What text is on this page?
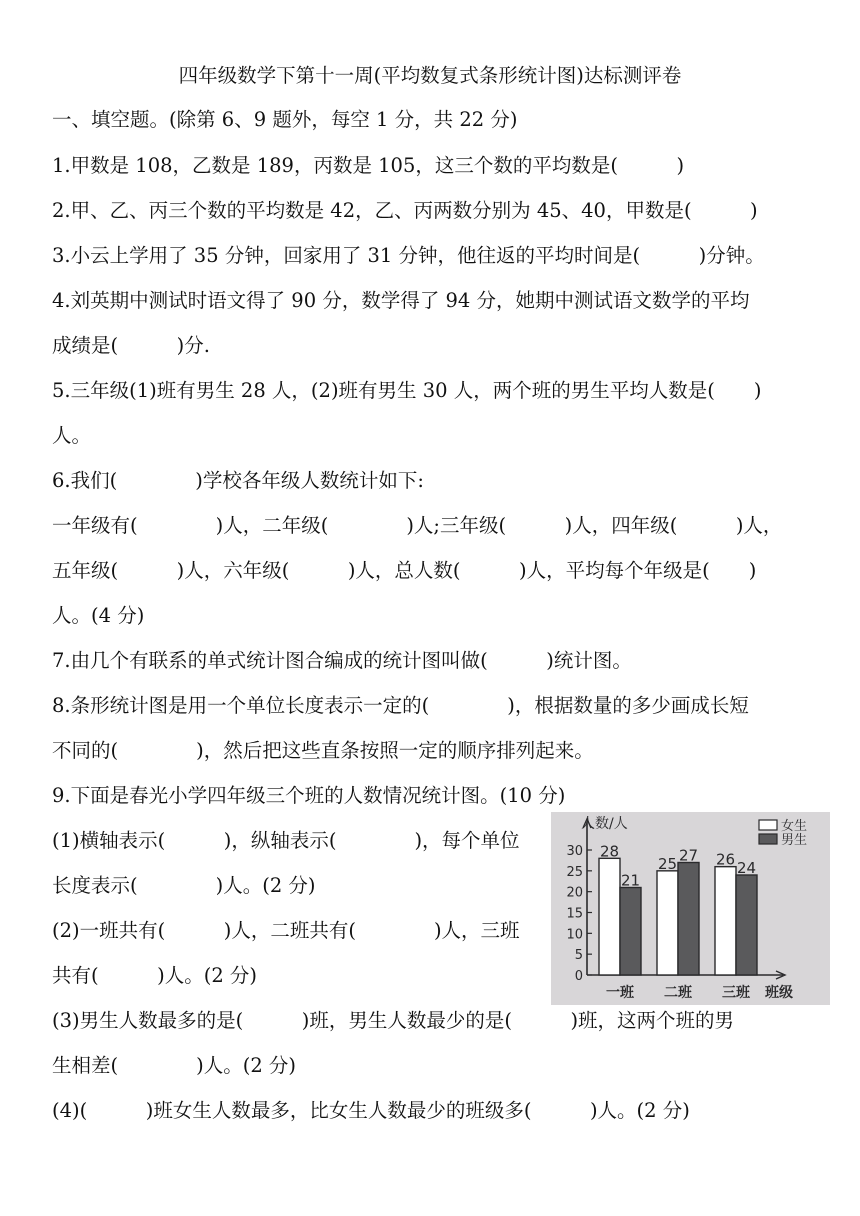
四年级数学下第十一周(平均数复式条形统计图)达标测评卷
一、填空题。(除第 6、9 题外，每空 1 分，共 22 分)
1.甲数是 108，乙数是 189，丙数是 105，这三个数的平均数是(　　　)
2.甲、乙、丙三个数的平均数是 42，乙、丙两数分别为 45、40，甲数是(　　　)
3.小云上学用了 35 分钟，回家用了 31 分钟，他往返的平均时间是(　　　)分钟。
4.刘英期中测试时语文得了 90 分，数学得了 94 分，她期中测试语文数学的平均
成绩是(　　　)分.
5.三年级(1)班有男生 28 人，(2)班有男生 30 人，两个班的男生平均人数是(　　)
人。
6.我们(　　　　)学校各年级人数统计如下:
一年级有(　　　　)人，二年级(　　　　)人;三年级(　　　)人，四年级(　　　)人，
五年级(　　　)人，六年级(　　　)人，总人数(　　　)人，平均每个年级是(　　)
人。(4 分)
7.由几个有联系的单式统计图合编成的统计图叫做(　　　)统计图。
8.条形统计图是用一个单位长度表示一定的(　　　　)，根据数量的多少画成长短
不同的(　　　　)，然后把这些直条按照一定的顺序排列起来。
9.下面是春光小学四年级三个班的人数情况统计图。(10 分)
(1)横轴表示(　　　)，纵轴表示(　　　　)，每个单位
长度表示(　　　　)人。(2 分)
(2)一班共有(　　　)人，二班共有(　　　　)人，三班
共有(　　　)人。(2 分)
(3)男生人数最多的是(　　　)班，男生人数最少的是(　　　)班，这两个班的男
生相差(　　　　)人。(2 分)
(4)(　　　)班女生人数最多，比女生人数最少的班级多(　　　)人。(2 分)
人数/人
班级
0
5
10
15
20
25
30 28
21
一班
25 27
二班
26 24
三班
女生
男生
